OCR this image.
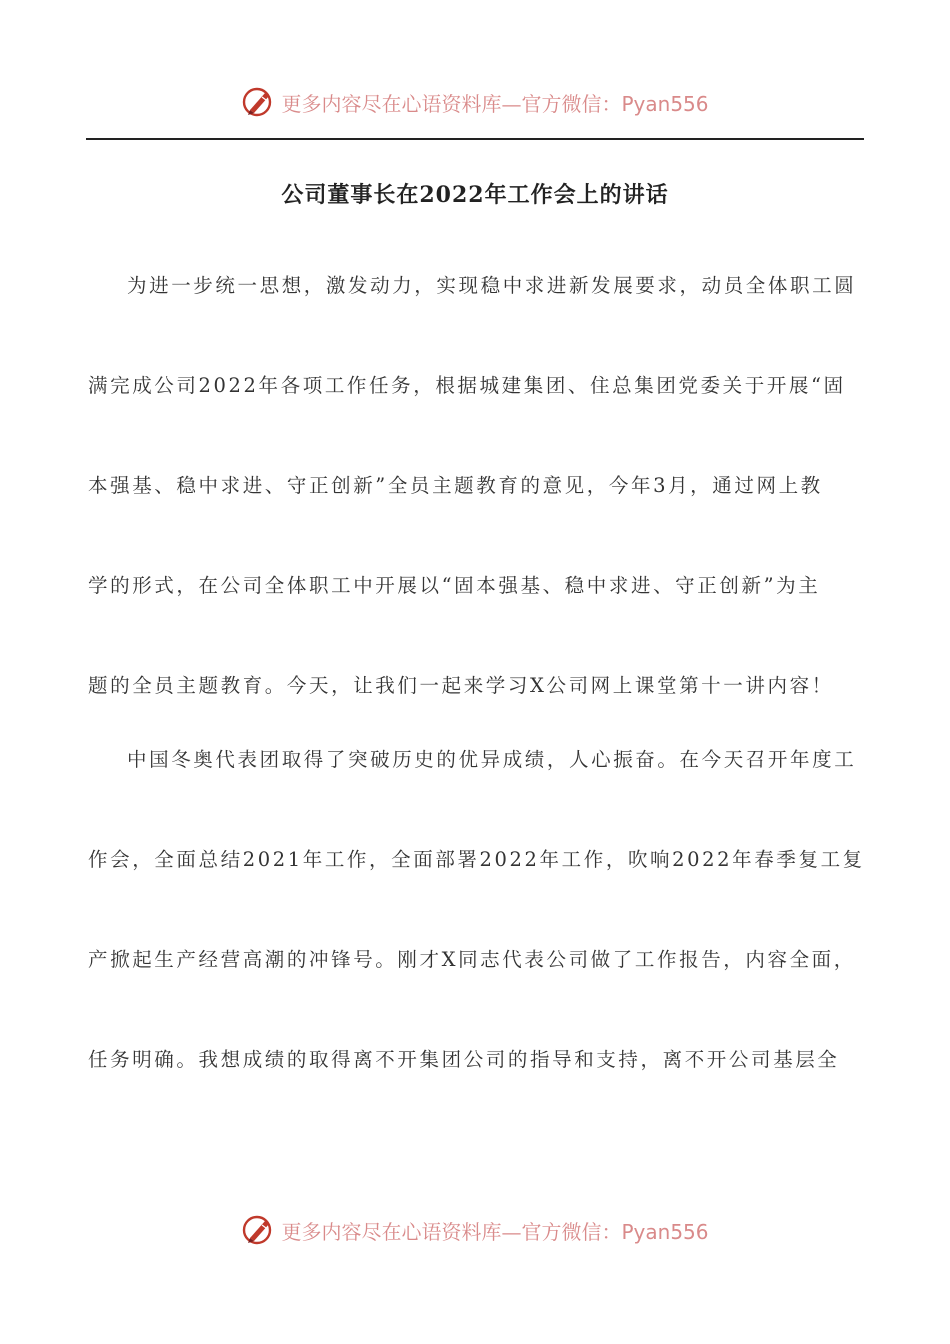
更多内容尽在心语资料库—官方微信：Pyan556
公司董事长在2022年工作会上的讲话
为进一步统一思想，激发动力，实现稳中求进新发展要求，动员全体职工圆
满完成公司2022年各项工作任务，根据城建集团、住总集团党委关于开展“固
本强基、稳中求进、守正创新”全员主题教育的意见，今年3月，通过网上教
学的形式，在公司全体职工中开展以“固本强基、稳中求进、守正创新”为主
题的全员主题教育。今天，让我们一起来学习X公司网上课堂第十一讲内容！
中国冬奥代表团取得了突破历史的优异成绩，人心振奋。在今天召开年度工
作会，全面总结2021年工作，全面部署2022年工作，吹响2022年春季复工复
产掀起生产经营高潮的冲锋号。刚才X同志代表公司做了工作报告，内容全面，
任务明确。我想成绩的取得离不开集团公司的指导和支持，离不开公司基层全
更多内容尽在心语资料库—官方微信：Pyan556
